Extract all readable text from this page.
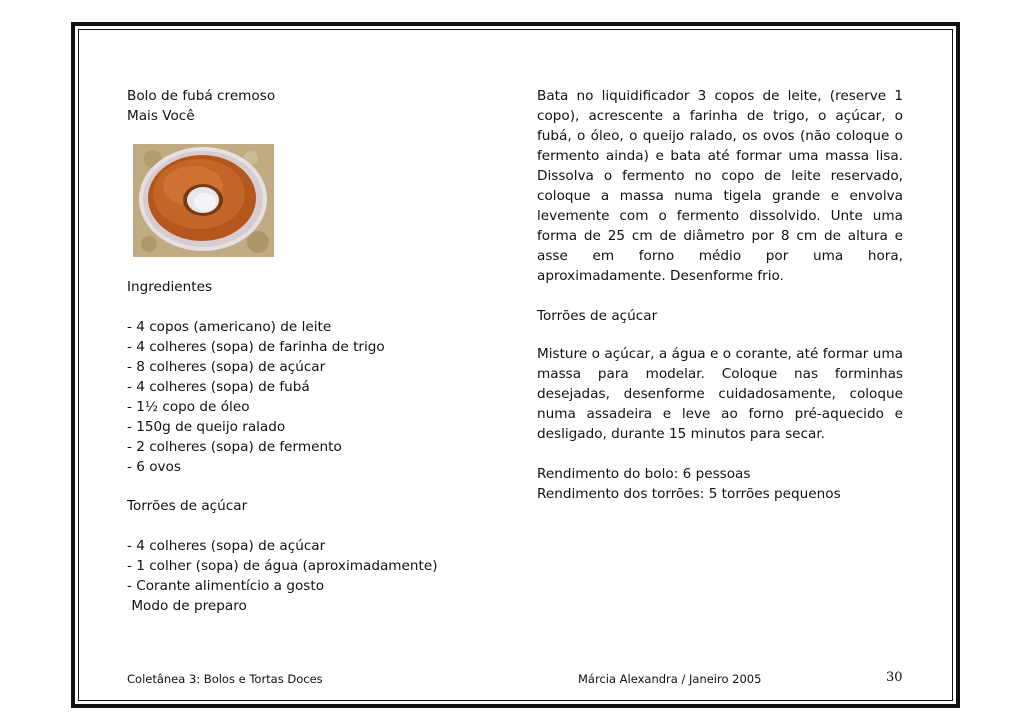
Bolo de fubá cremoso
Mais Você
Ingredientes
- 4 copos (americano) de leite
- 4 colheres (sopa) de farinha de trigo
- 8 colheres (sopa) de açúcar
- 4 colheres (sopa) de fubá
- 1½ copo de óleo
- 150g de queijo ralado
- 2 colheres (sopa) de fermento
- 6 ovos
Torrões de açúcar
- 4 colheres (sopa) de açúcar
- 1 colher (sopa) de água (aproximadamente)
- Corante alimentício a gosto
Modo de preparo

Bata no liquidificador 3 copos de leite, (reserve 1 copo), acrescente a farinha de trigo, o açúcar, o fubá, o óleo, o queijo ralado, os ovos (não coloque o fermento ainda) e bata até formar uma massa lisa. Dissolva o fermento no copo de leite reservado, coloque a massa numa tigela grande e envolva levemente com o fermento dissolvido. Unte uma forma de 25 cm de diâmetro por 8 cm de altura e asse em forno médio por uma hora, aproximadamente. Desenforme frio.

Torrões de açúcar

Misture o açúcar, a água e o corante, até formar uma massa para modelar. Coloque nas forminhas desejadas, desenforme cuidadosamente, coloque numa assadeira e leve ao forno pré-aquecido e desligado, durante 15 minutos para secar.

Rendimento do bolo: 6 pessoas

Rendimento dos torrões: 5 torrões pequenos

Coletânea 3: Bolos e Tortas Doces	Márcia Alexandra / Janeiro 2005	30
